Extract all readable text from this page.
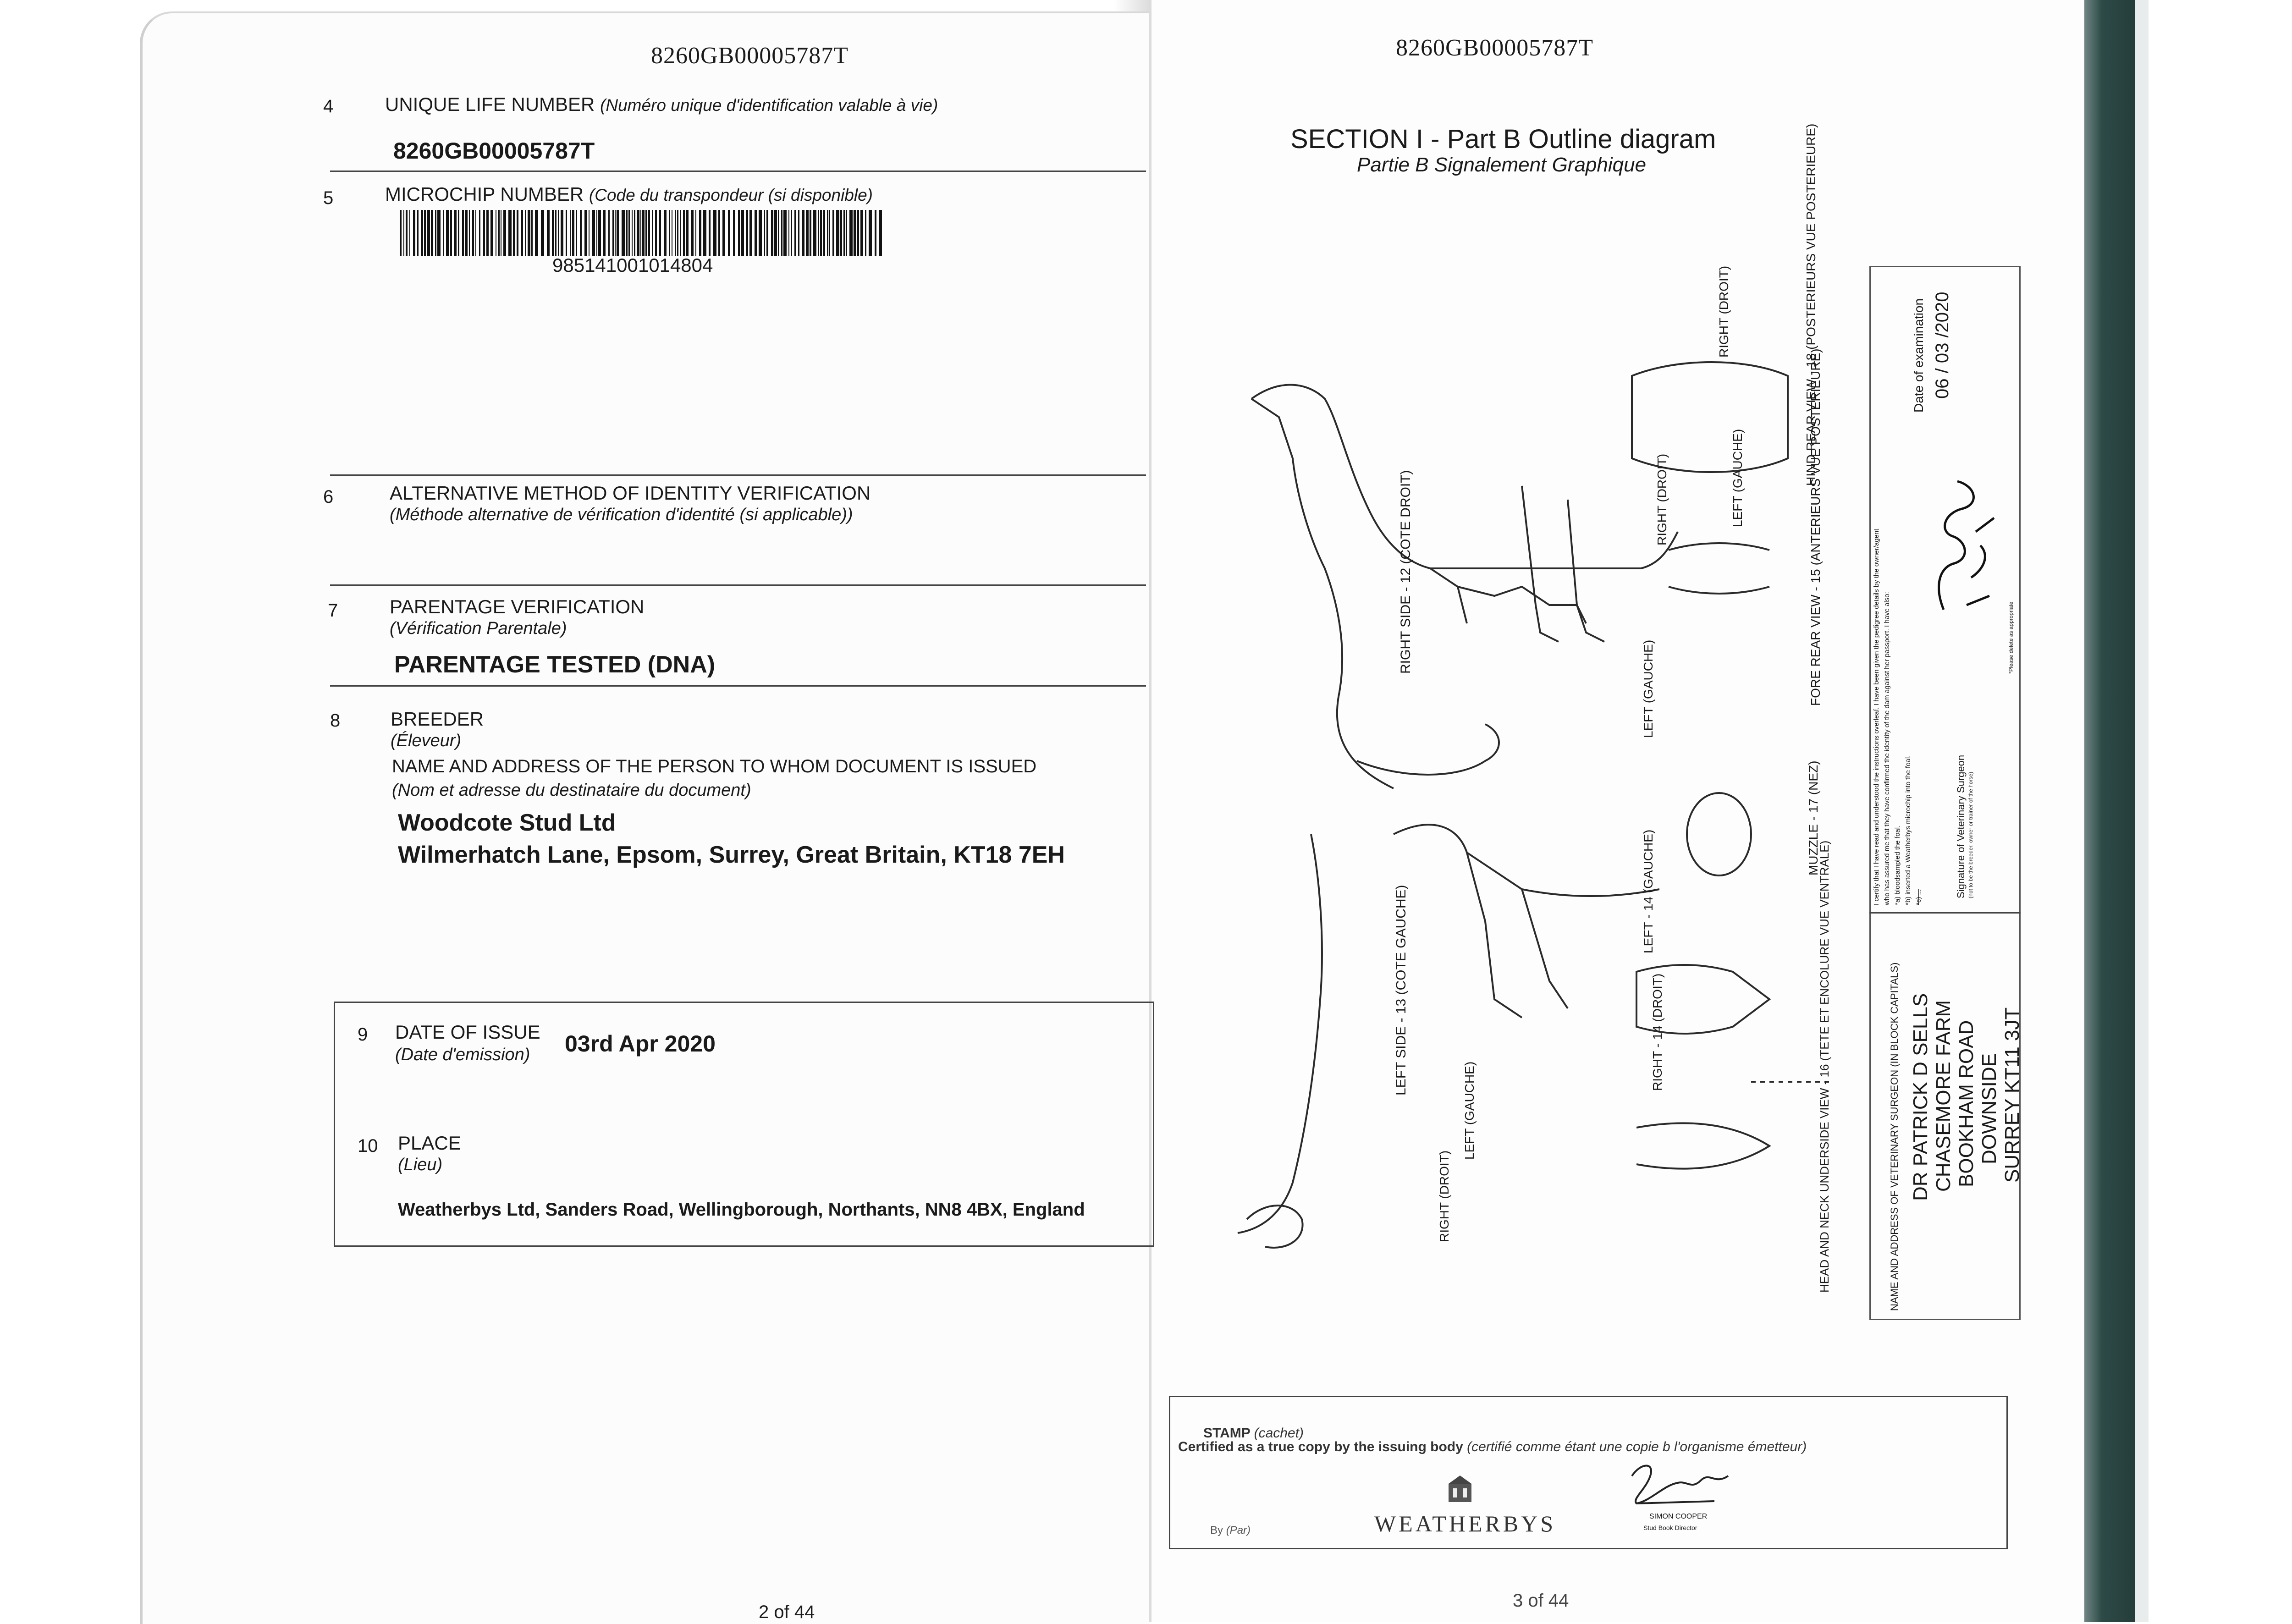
8260GB00005787T
4	UNIQUE LIFE NUMBER (Numéro unique d'identification valable à vie)
8260GB00005787T
5	MICROCHIP NUMBER (Code du transpondeur (si disponible)
985141001014804
6	ALTERNATIVE METHOD OF IDENTITY VERIFICATION
(Méthode alternative de vérification d'identité (si applicable))
7	PARENTAGE VERIFICATION
(Vérification Parentale)
PARENTAGE TESTED (DNA)
8	BREEDER
(Éleveur)
NAME AND ADDRESS OF THE PERSON TO WHOM DOCUMENT IS ISSUED
(Nom et adresse du destinataire du document)
Woodcote Stud Ltd
Wilmerhatch Lane, Epsom, Surrey, Great Britain, KT18 7EH
9 DATE OF ISSUE
(Date d'emission) 03rd Apr 2020
10 PLACE
(Lieu)
Weatherbys Ltd, Sanders Road, Wellingborough, Northants, NN8 4BX, England
2 of 44
8260GB00005787T
SECTION I - Part B Outline diagram
Partie B Signalement Graphique
RIGHT SIDE - 12 (COTE DROIT)
LEFT SIDE - 13 (COTE GAUCHE)	LEFT - 14 (GAUCHE)
RIGHT - 14 (DROIT)
FORE REAR VIEW - 15 (ANTERIEURS VUE POSTERIEURE)
RIGHT (DROIT)
LEFT (GAUCHE)
HIND REAR VIEW - 18 (POSTERIEURS VUE POSTERIEURE)
RIGHT (DROIT)
LEFT (GAUCHE)
MUZZLE - 17 (NEZ)
HEAD AND NECK UNDERSIDE VIEW - 16 (TETE ET ENCOLURE VUE VENTRALE)
LEFT (GAUCHE)
RIGHT (DROIT)	NAME AND ADDRESS OF VETERINARY SURGEON (IN BLOCK CAPITALS) DR PATRICK D SELLS CHASEMORE FARM BOOKHAM ROAD DOWNSIDE SURREY KT11 3JT
I certify that I have read and understood the instructions overleaf. I have been given the pedigree details by the owner/agent who has assured me that they have confirmed the identity of the dam against her passport. I have also: *a) bloodsampled the foal. *b) inserted a Weatherbys microchip into the foal. *c) ...	Signature of Veterinary Surgeon (not to be the breeder, owner or trainer of the horse)
*Please delete as appropriate
Date of examination 06 / 03 /2020
STAMP (cachet)
Certified as a true copy by the issuing body (certifié comme étant une copie b l'organisme émetteur)
WEATHERBYS
By (Par)
SIMON COOPER
Stud Book Director
3 of 44
